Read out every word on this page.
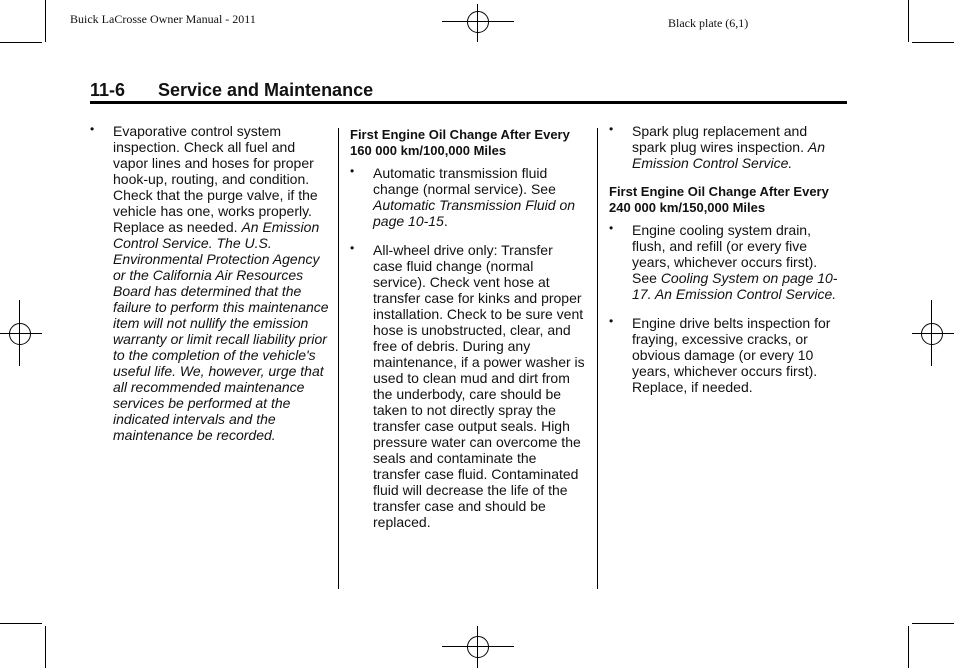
Buick LaCrosse Owner Manual - 2011	Black plate (6,1)
11-6 Service and Maintenance
• Evaporative control system inspection. Check all fuel and vapor lines and hoses for proper hook-up, routing, and condition. Check that the purge valve, if the vehicle has one, works properly. Replace as needed. An Emission Control Service. The U.S. Environmental Protection Agency or the California Air Resources Board has determined that the failure to perform this maintenance item will not nullify the emission warranty or limit recall liability prior to the completion of the vehicle's useful life. We, however, urge that all recommended maintenance services be performed at the indicated intervals and the maintenance be recorded.
First Engine Oil Change After Every 160 000 km/100,000 Miles
• Automatic transmission fluid change (normal service). See Automatic Transmission Fluid on page 10-15.
• All-wheel drive only: Transfer case fluid change (normal service). Check vent hose at transfer case for kinks and proper installation. Check to be sure vent hose is unobstructed, clear, and free of debris. During any maintenance, if a power washer is used to clean mud and dirt from the underbody, care should be taken to not directly spray the transfer case output seals. High pressure water can overcome the seals and contaminate the transfer case fluid. Contaminated fluid will decrease the life of the transfer case and should be replaced.
• Spark plug replacement and spark plug wires inspection. An Emission Control Service.
First Engine Oil Change After Every 240 000 km/150,000 Miles
• Engine cooling system drain, flush, and refill (or every five years, whichever occurs first). See Cooling System on page 10-17. An Emission Control Service.
• Engine drive belts inspection for fraying, excessive cracks, or obvious damage (or every 10 years, whichever occurs first). Replace, if needed.
